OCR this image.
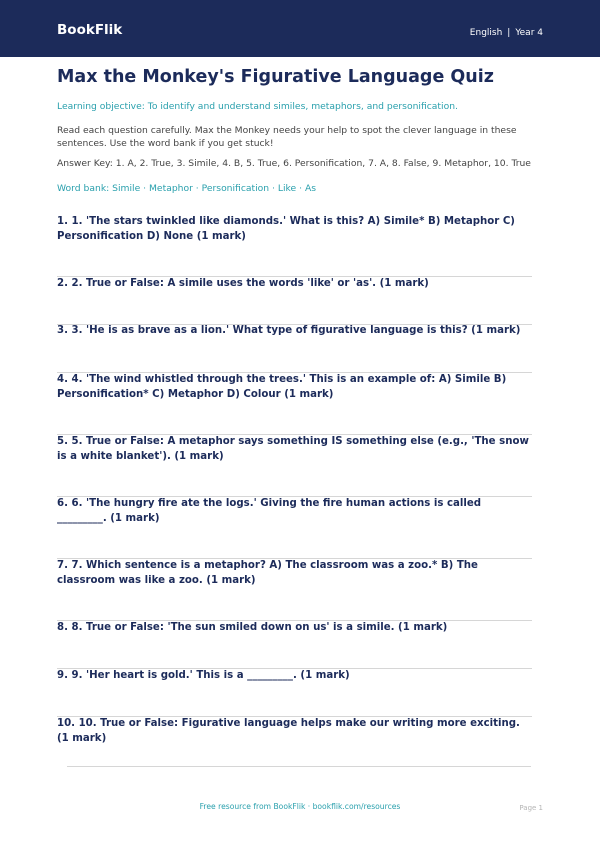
BookFlik	English | Year 4
Max the Monkey's Figurative Language Quiz

Learning objective: To identify and understand similes, metaphors, and personification.

Read each question carefully. Max the Monkey needs your help to spot the clever language in these sentences. Use the word bank if you get stuck!

Answer Key: 1. A, 2. True, 3. Simile, 4. B, 5. True, 6. Personification, 7. A, 8. False, 9. Metaphor, 10. True

Word bank: Simile · Metaphor · Personification · Like · As

1. 1. 'The stars twinkled like diamonds.' What is this? A) Simile* B) Metaphor C) Personification D) None (1 mark)
2. 2. True or False: A simile uses the words 'like' or 'as'. (1 mark)
3. 3. 'He is as brave as a lion.' What type of figurative language is this? (1 mark)
4. 4. 'The wind whistled through the trees.' This is an example of: A) Simile B) Personification* C) Metaphor D) Colour (1 mark)
5. 5. True or False: A metaphor says something IS something else (e.g., 'The snow is a white blanket'). (1 mark)
6. 6. 'The hungry fire ate the logs.' Giving the fire human actions is called _________. (1 mark)
7. 7. Which sentence is a metaphor? A) The classroom was a zoo.* B) The classroom was like a zoo. (1 mark)
8. 8. True or False: 'The sun smiled down on us' is a simile. (1 mark)
9. 9. 'Her heart is gold.' This is a _________. (1 mark)
10. 10. True or False: Figurative language helps make our writing more exciting. (1 mark)
Free resource from BookFlik · bookflik.com/resources	Page 1
